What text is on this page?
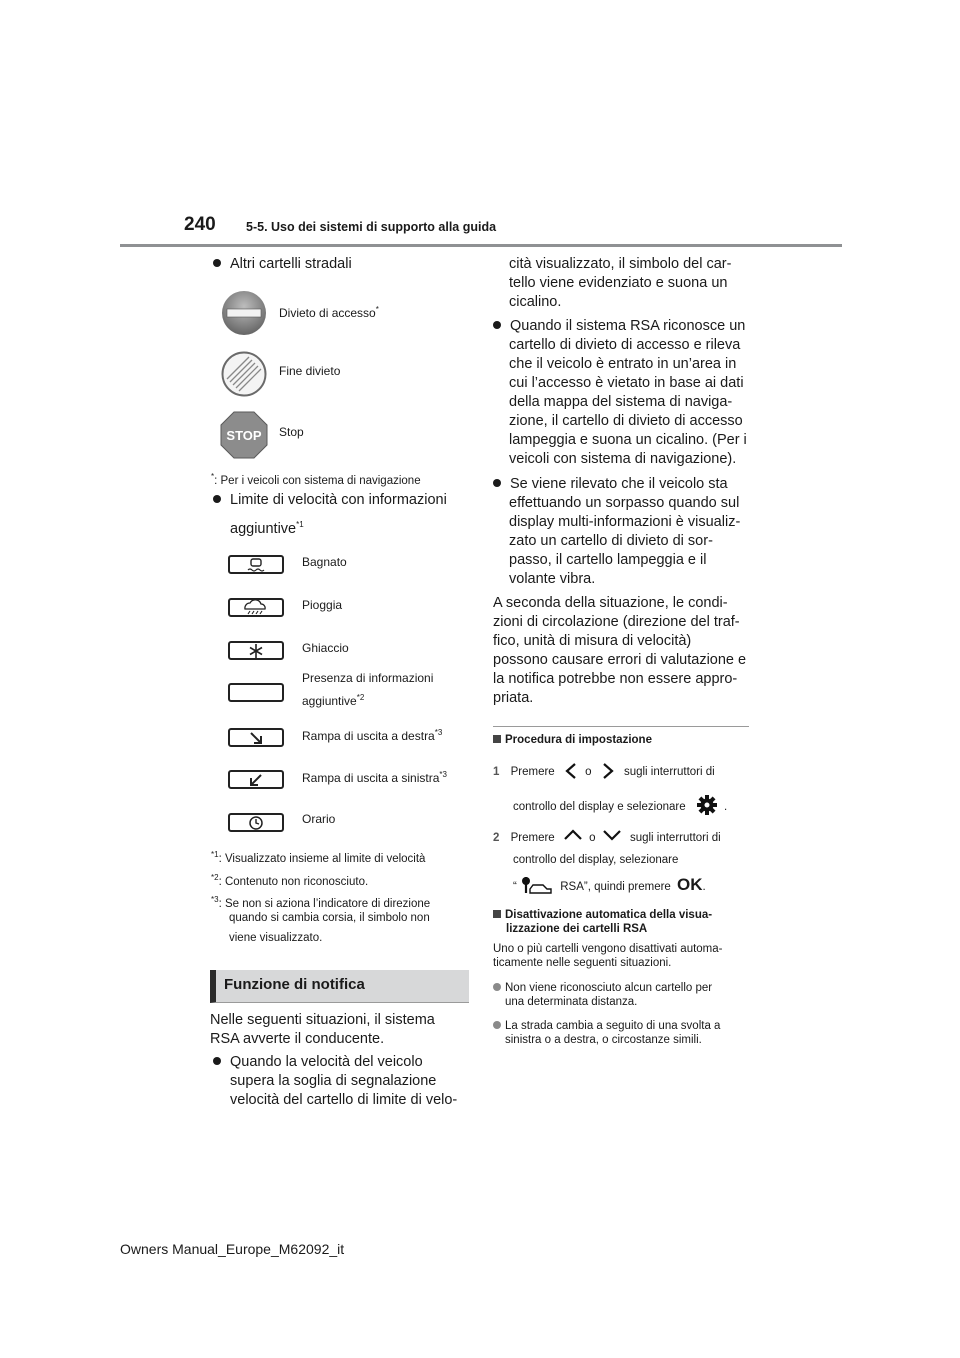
240 5-5. Uso dei sistemi di supporto alla guida
Altri cartelli stradali
Divieto di accesso*
Fine divieto
STOP Stop
*: Per i veicoli con sistema di navigazione
Limite di velocità con informazioni
aggiuntive$^{*1}$
Bagnato
Pioggia
Ghiaccio
Presenza di informazioni
aggiuntive$^{*2}$
Rampa di uscita a destra$^{*3}$
Rampa di uscita a sinistra$^{*3}$
Orario
$^{*1}$: Visualizzato insieme al limite di velocità
$^{*2}$: Contenuto non riconosciuto.
$^{*3}$: Se non si aziona l’indicatore di direzione
quando si cambia corsia, il simbolo non
viene visualizzato.
Funzione di notifica
Nelle seguenti situazioni, il sistema
RSA avverte il conducente.
Quando la velocità del veicolo
supera la soglia di segnalazione
velocità del cartello di limite di velo-
cità visualizzato, il simbolo del car-
tello viene evidenziato e suona un
cicalino.
Quando il sistema RSA riconosce un
cartello di divieto di accesso e rileva
che il veicolo è entrato in un’area in
cui l’accesso è vietato in base ai dati
della mappa del sistema di naviga-
zione, il cartello di divieto di accesso
lampeggia e suona un cicalino. (Per i
veicoli con sistema di navigazione).
Se viene rilevato che il veicolo sta
effettuando un sorpasso quando sul
display multi-informazioni è visualiz-
zato un cartello di divieto di sor-
passo, il cartello lampeggia e il
volante vibra.
A seconda della situazione, le condi-
zioni di circolazione (direzione del traf-
fico, unità di misura di velocità)
possono causare errori di valutazione e
la notifica potrebbe non essere appro-
priata.
Procedura di impostazione
1 Premere	o	sugli interruttori di
controllo del display e selezionare	.
2 Premere	o	sugli interruttori di
controllo del display, selezionare
“	RSA”, quindi premere OK.
Disattivazione automatica della visua-
lizzazione dei cartelli RSA
Uno o più cartelli vengono disattivati automa-
ticamente nelle seguenti situazioni.
Non viene riconosciuto alcun cartello per
una determinata distanza.
La strada cambia a seguito di una svolta a
sinistra o a destra, o circostanze simili.
Owners Manual_Europe_M62092_it
